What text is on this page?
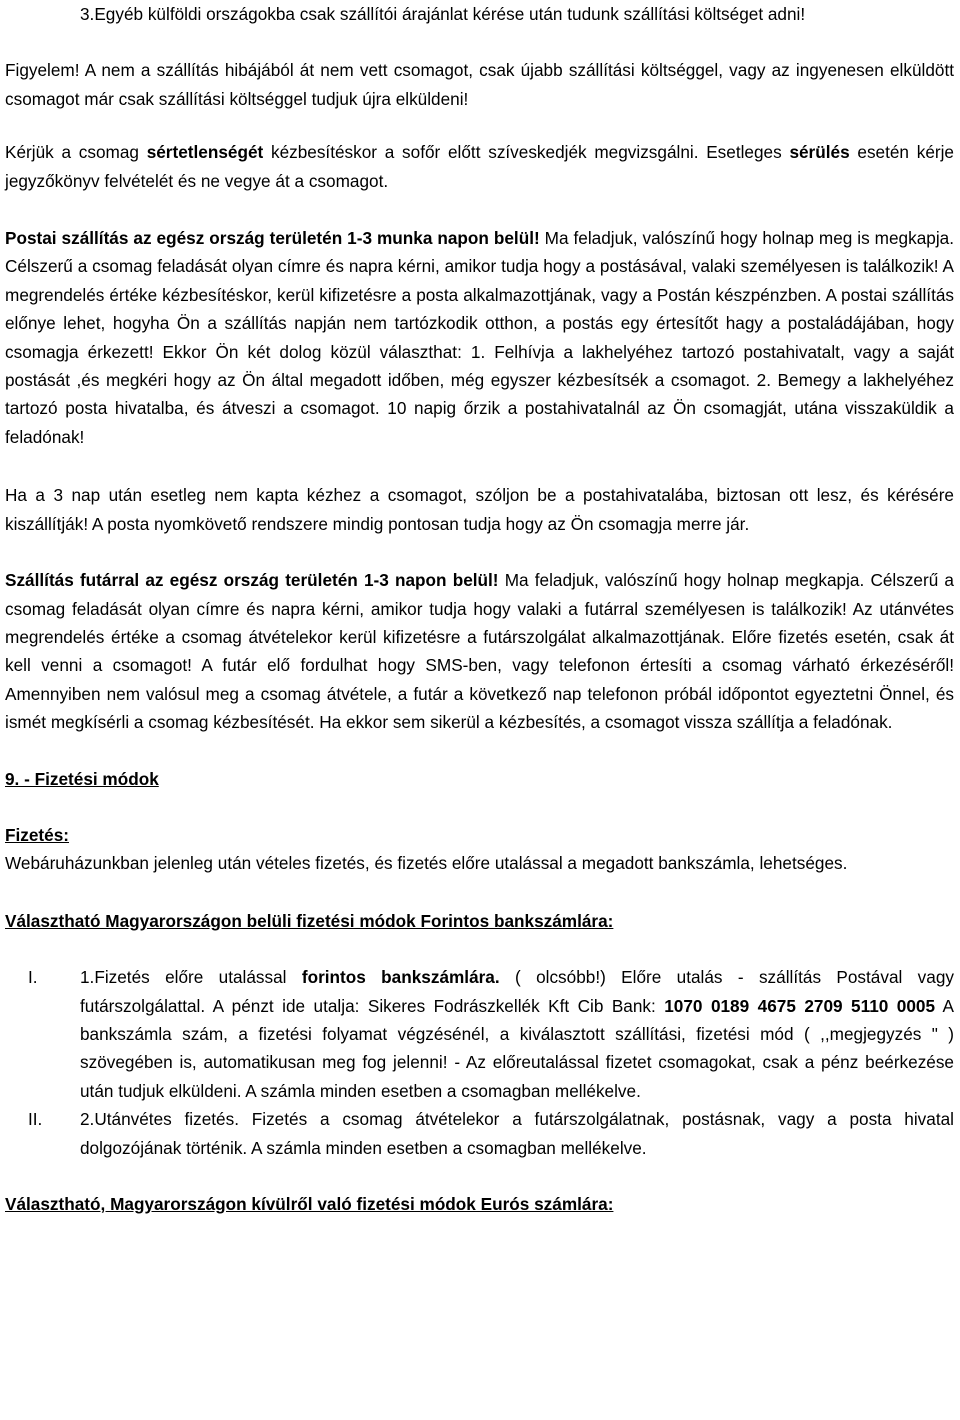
3.Egyéb külföldi országokba csak szállítói árajánlat kérése után tudunk szállítási költséget adni!

Figyelem! A nem a szállítás hibájából át nem vett csomagot, csak újabb szállítási költséggel, vagy az ingyenesen elküldött csomagot már csak szállítási költséggel tudjuk újra elküldeni!

Kérjük a csomag sértetlenségét kézbesítéskor a sofőr előtt szíveskedjék megvizsgálni. Esetleges sérülés esetén kérje jegyzőkönyv felvételét és ne vegye át a csomagot.

Postai szállítás az egész ország területén 1-3 munka napon belül! Ma feladjuk, valószínű hogy holnap meg is megkapja. Célszerű a csomag feladását olyan címre és napra kérni, amikor tudja hogy a postásával, valaki személyesen is találkozik! A megrendelés értéke kézbesítéskor, kerül kifizetésre a posta alkalmazottjának, vagy a Postán készpénzben. A postai szállítás előnye lehet, hogyha Ön a szállítás napján nem tartózkodik otthon, a postás egy értesítőt hagy a postaládájában, hogy csomagja érkezett! Ekkor Ön két dolog közül választhat: 1. Felhívja a lakhelyéhez tartozó postahivatalt, vagy a saját postását ,és megkéri hogy az Ön által megadott időben, még egyszer kézbesítsék a csomagot. 2. Bemegy a lakhelyéhez tartozó posta hivatalba, és átveszi a csomagot. 10 napig őrzik a postahivatalnál az Ön csomagját, utána visszaküldik a feladónak!

Ha a 3 nap után esetleg nem kapta kézhez a csomagot, szóljon be a postahivatalába, biztosan ott lesz, és kérésére kiszállítják! A posta nyomkövető rendszere mindig pontosan tudja hogy az Ön csomagja merre jár.

Szállítás futárral az egész ország területén 1-3 napon belül! Ma feladjuk, valószínű hogy holnap megkapja. Célszerű a csomag feladását olyan címre és napra kérni, amikor tudja hogy valaki a futárral személyesen is találkozik! Az utánvétes megrendelés értéke a csomag átvételekor kerül kifizetésre a futárszolgálat alkalmazottjának. Előre fizetés esetén, csak át kell venni a csomagot! A futár elő fordulhat hogy SMS-ben, vagy telefonon értesíti a csomag várható érkezéséről! Amennyiben nem valósul meg a csomag átvétele, a futár a következő nap telefonon próbál időpontot egyeztetni Önnel, és ismét megkísérli a csomag kézbesítését. Ha ekkor sem sikerül a kézbesítés, a csomagot vissza szállítja a feladónak.

9. - Fizetési módok

Fizetés:

Webáruházunkban jelenleg után vételes fizetés, és fizetés előre utalással a megadott bankszámla, lehetséges.

Választható Magyarországon belüli fizetési módok Forintos bankszámlára:

I. 1.Fizetés előre utalással forintos bankszámlára. ( olcsóbb!) Előre utalás - szállítás Postával vagy futárszolgálattal. A pénzt ide utalja: Sikeres Fodrászkellék Kft Cib Bank: 1070 0189 4675 2709 5110 0005 A bankszámla szám, a fizetési folyamat végzésénél, a kiválasztott szállítási, fizetési mód ( ,,megjegyzés " ) szövegében is, automatikusan meg fog jelenni! - Az előreutalással fizetet csomagokat, csak a pénz beérkezése után tudjuk elküldeni. A számla minden esetben a csomagban mellékelve.
II. 2.Utánvétes fizetés. Fizetés a csomag átvételekor a futárszolgálatnak, postásnak, vagy a posta hivatal dolgozójának történik. A számla minden esetben a csomagban mellékelve.

Választható, Magyarországon kívülről való fizetési módok Eurós számlára:
